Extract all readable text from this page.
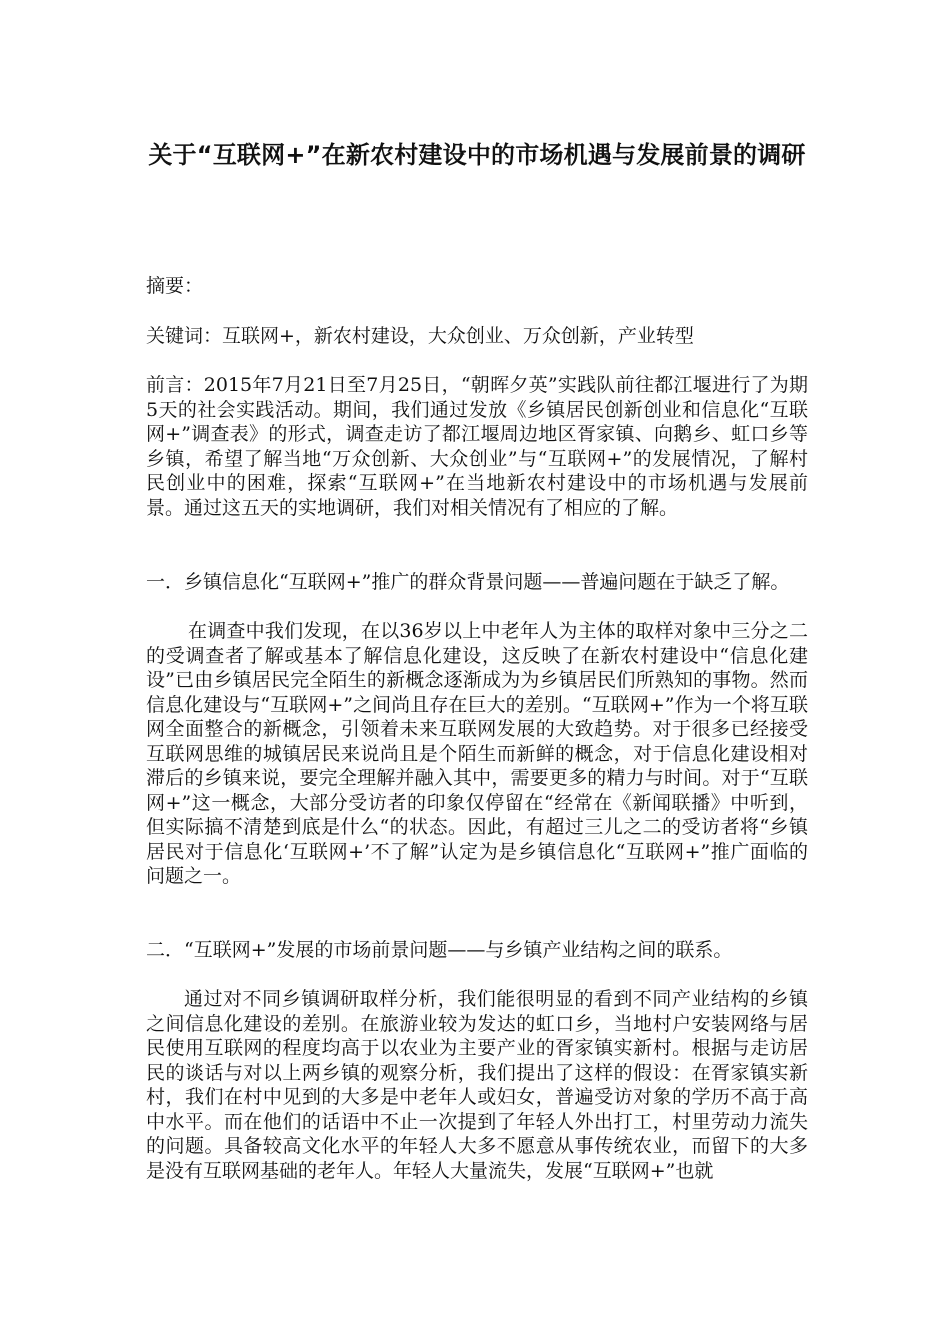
关于“互联网+”在新农村建设中的市场机遇与发展前景的调研
摘要：
关键词：互联网+，新农村建设，大众创业、万众创新，产业转型
前言：2015年7月21日至7月25日，“朝晖夕英”实践队前往都江堰进行了为期5天的社会实践活动。期间，我们通过发放《乡镇居民创新创业和信息化“互联网+”调查表》的形式，调查走访了都江堰周边地区胥家镇、向鹅乡、虹口乡等乡镇，希望了解当地“万众创新、大众创业”与“互联网+”的发展情况，了解村民创业中的困难，探索“互联网+”在当地新农村建设中的市场机遇与发展前景。通过这五天的实地调研，我们对相关情况有了相应的了解。
一．乡镇信息化“互联网+”推广的群众背景问题——普遍问题在于缺乏了解。
在调查中我们发现，在以36岁以上中老年人为主体的取样对象中三分之二的受调查者了解或基本了解信息化建设，这反映了在新农村建设中“信息化建设”已由乡镇居民完全陌生的新概念逐渐成为为乡镇居民们所熟知的事物。然而信息化建设与“互联网+”之间尚且存在巨大的差别。“互联网+”作为一个将互联网全面整合的新概念，引领着未来互联网发展的大致趋势。对于很多已经接受互联网思维的城镇居民来说尚且是个陌生而新鲜的概念，对于信息化建设相对滞后的乡镇来说，要完全理解并融入其中，需要更多的精力与时间。对于“互联网+”这一概念，大部分受访者的印象仅停留在“经常在《新闻联播》中听到，但实际搞不清楚到底是什么“的状态。因此，有超过三儿之二的受访者将“乡镇居民对于信息化‘互联网+’不了解”认定为是乡镇信息化“互联网+”推广面临的问题之一。
二．“互联网+”发展的市场前景问题——与乡镇产业结构之间的联系。
通过对不同乡镇调研取样分析，我们能很明显的看到不同产业结构的乡镇之间信息化建设的差别。在旅游业较为发达的虹口乡，当地村户安装网络与居民使用互联网的程度均高于以农业为主要产业的胥家镇实新村。根据与走访居民的谈话与对以上两乡镇的观察分析，我们提出了这样的假设：在胥家镇实新村，我们在村中见到的大多是中老年人或妇女，普遍受访对象的学历不高于高中水平。而在他们的话语中不止一次提到了年轻人外出打工，村里劳动力流失的问题。具备较高文化水平的年轻人大多不愿意从事传统农业，而留下的大多是没有互联网基础的老年人。年轻人大量流失，发展“互联网+”也就
